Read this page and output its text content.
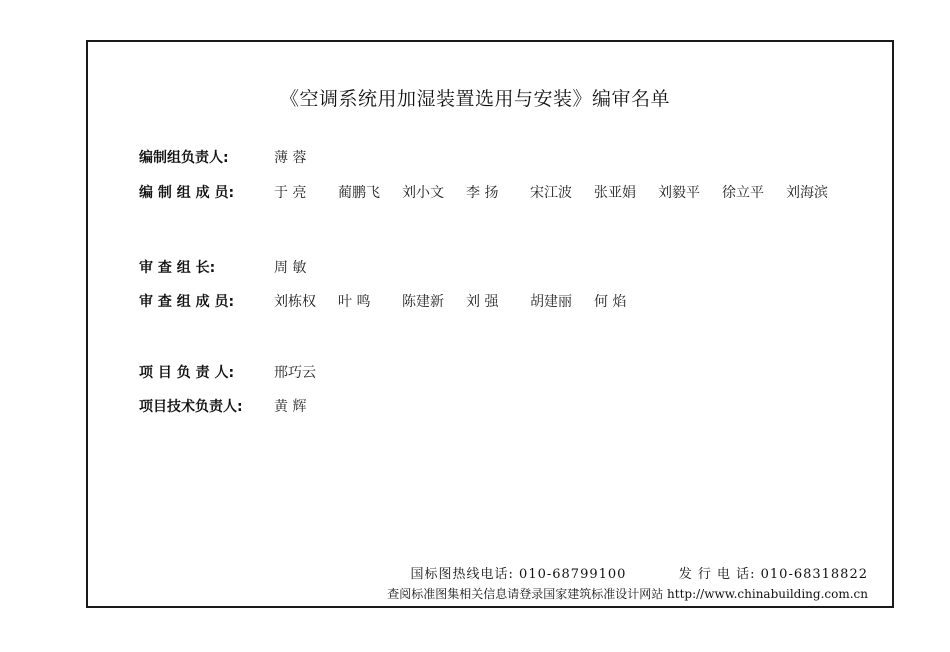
《空调系统用加湿装置选用与安装》编审名单
编制组负责人:	薄 蓉
编 制 组 成 员:	于 亮	蔺鹏飞	刘小文	李 扬	宋江波	张亚娟	刘毅平	徐立平	刘海滨
审 查 组 长:	周 敏
审 查 组 成 员:	刘栋权	叶 鸣	陈建新	刘 强	胡建丽	何 焰
项 目 负 责 人:	邢巧云
项目技术负责人:	黄 辉
国标图热线电话: 010-68799100	发 行 电 话: 010-68318822
查阅标准图集相关信息请登录国家建筑标准设计网站 http://www.chinabuilding.com.cn
